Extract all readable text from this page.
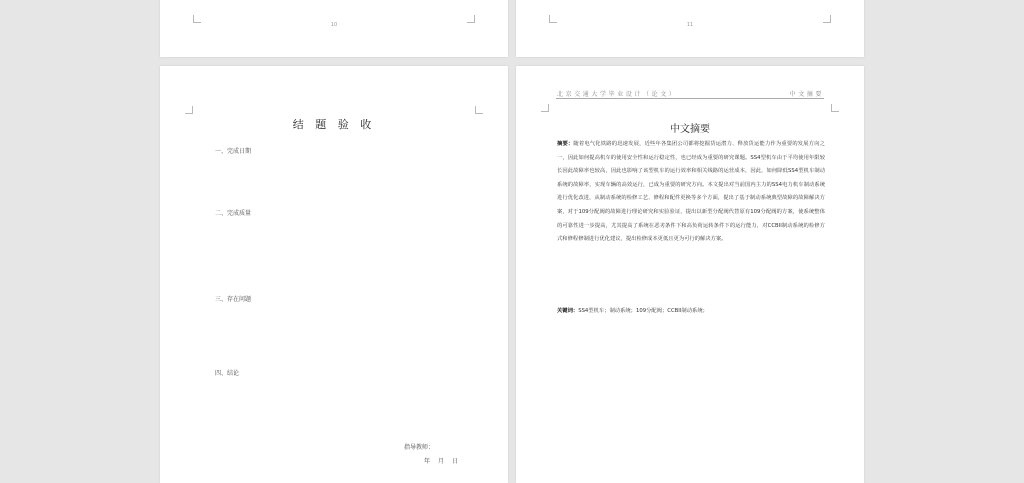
10	11
结 题 验 收
一、完成日期
二、完成质量
三、存在问题
四、结论
指导教师：
年　月　日
北京交通大学毕业设计（论文）	中文摘要
中文摘要
摘要：随着电气化铁路的迅速发展，近些年各集团公司都将挖掘货运潜力、释放货运能力作为重要的发展方向之一，因此如何提高机车的使用安全性和运行稳定性，也已经成为重要的研究课题。SS4型机车由于平均使用年限较长因此故障率也较高，因此也影响了该型机车的运行效率和相关线路的运营成本，因此，如何降低SS4型机车制动系统的故障率，实现车辆的高效运行，已成为重要的研究方向。本文提出对当前国内主力的SS4电力机车制动系统进行优化改进，从制动系统的检修工艺、修程和配件更换等多个方面，提出了基于制动系统典型故障的故障解决方案，对于109分配阀的故障进行理论研究和实验验证，提出以新型分配阀代替原有109分配阀的方案，使系统整体的可靠性进一步提高，尤其提高了系统在恶劣条件下和高负荷运转条件下的运行能力，对CCBII制动系统的检修方式和修程修制进行优化建议，提出检修成本更低且更为可行的解决方案。
关键词：SS4型机车；制动系统；109分配阀；CCBII制动系统；
